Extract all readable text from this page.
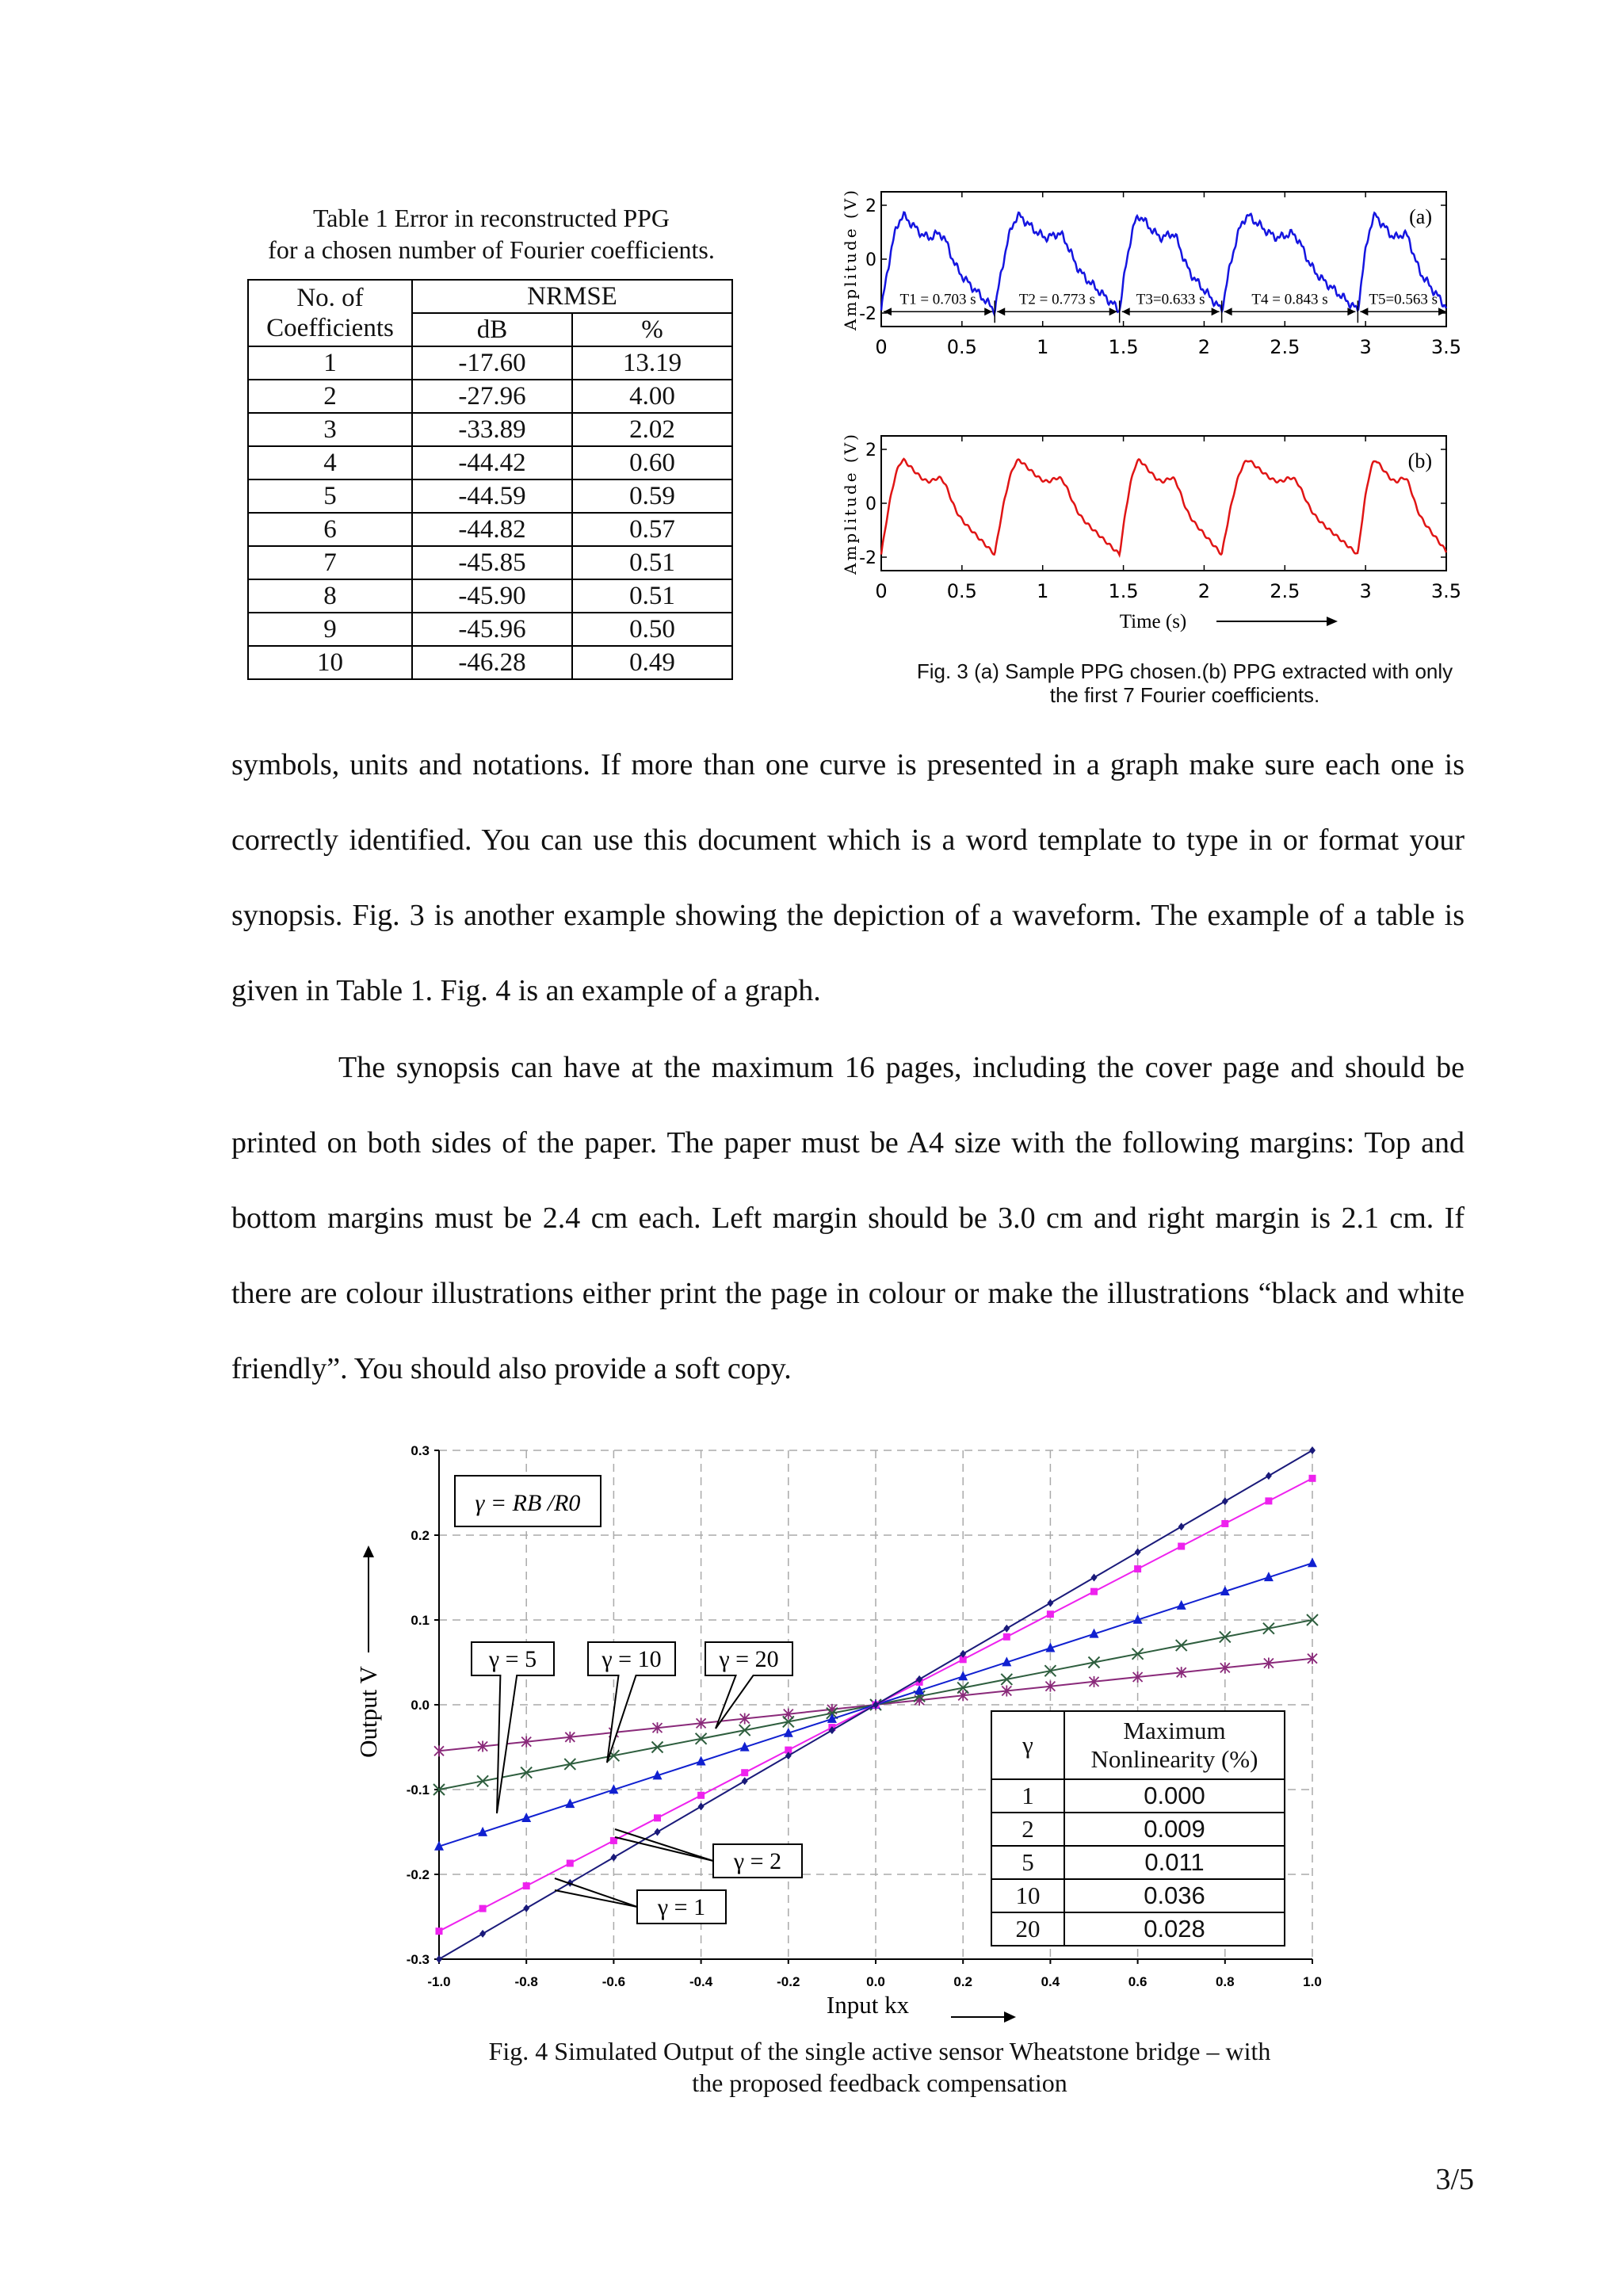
Table 1 Error in reconstructed PPG
for a chosen number of Fourier coefficients.
No. of
Coefficients	NRMSE	
	dB	%
1	-17.60	13.19
2	-27.96	4.00
3	-33.89	2.02
4	-44.42	0.60
5	-44.59	0.59
6	-44.82	0.57
7	-45.85	0.51
8	-45.90	0.51
9	-45.96	0.50
10	-46.28	0.49
0	0.5	1	1.5	2	2.5	3	3.5
2
0
-2
Amplitude (V)	(a)
T1 = 0.703 s	T2 = 0.773 s	T3=0.633 s	T4 = 0.843 s	T5=0.563 s
0	0.5	1	1.5	2	2.5	3	3.5
2
0
-2
Amplitude (V)	(b)
Time (s)
Fig. 3 (a) Sample PPG chosen.(b) PPG extracted with only
the first 7 Fourier coefficients.
symbols, units and notations. If more than one curve is presented in a graph make sure each one is correctly identified. You can use this document which is a word template to type in or format your synopsis. Fig. 3 is another example showing the depiction of a waveform. The example of a table is given in Table 1. Fig. 4 is an example of a graph.
The synopsis can have at the maximum 16 pages, including the cover page and should be printed on both sides of the paper. The paper must be A4 size with the following margins: Top and bottom margins must be 2.4 cm each. Left margin should be 3.0 cm and right margin is 2.1 cm. If there are colour illustrations either print the page in colour or make the illustrations “black and white friendly”. You should also provide a soft copy.
-1.0	-0.8	-0.6	-0.4	-0.2	0.0	0.2	0.4	0.6	0.8	1.0
0.3
0.2
0.1
0.0
-0.1
-0.2
-0.3
Output V
Input kx
γ = RB /R0
γ = 5	γ = 10 γ = 20
γ = 2
γ = 1
γ	Maximum
Nonlinearity (%)
1	0.000
2	0.009
5	0.011
10	0.036
20	0.028
Fig. 4 Simulated Output of the single active sensor Wheatstone bridge – with
the proposed feedback compensation
3/5
